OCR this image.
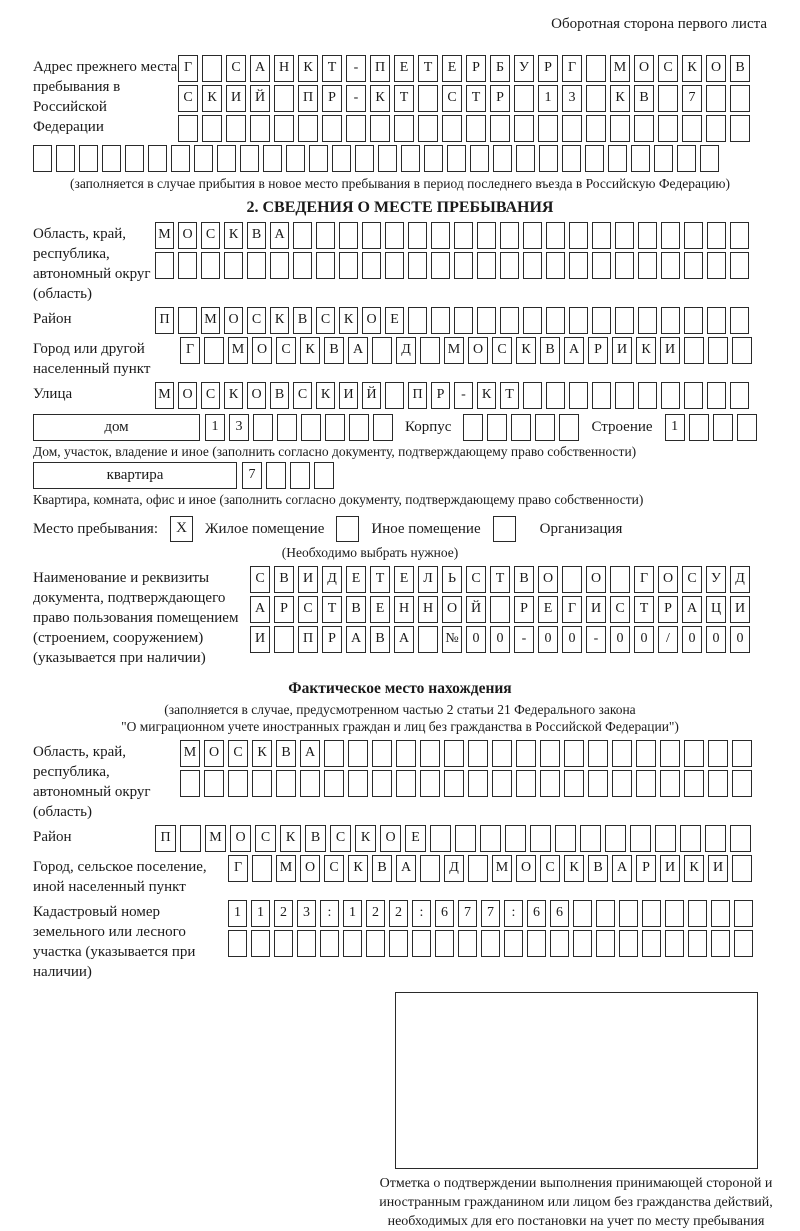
Оборотная сторона первого листа
Адрес прежнего места пребывания в Российской Федерации
Г	С	А Н	К	Т	-	П	Е	Т	Е	Р	Б	У	Р	Г	М О	С	К	О	В
С	К	И Й	П	Р	-	К	Т	С	Т	Р	1	3	К	В	7
(заполняется в случае прибытия в новое место пребывания в период последнего въезда в Российскую Федерацию)
2. СВЕДЕНИЯ О МЕСТЕ ПРЕБЫВАНИЯ
Область, край, республика, автономный округ (область)
М О С К В А
Район	П	М О С К В С К О Е
Город или другой населенный пункт
Г	М О	С	К	В	А	Д	М О	С	К	В	А	Р	И	К	И
Улица	М О С К О В С К И Й	П	Р	-	К	Т
дом	1	3	Корпус	Строение	1
Дом, участок, владение и иное (заполнить согласно документу, подтверждающему право собственности)
квартира	7
Квартира, комната, офис и иное (заполнить согласно документу, подтверждающему право собственности)
Место пребывания:	X	Жилое помещение	Иное помещение	Организация
(Необходимо выбрать нужное)
Наименование и реквизиты документа, подтверждающего право пользования помещением (строением, сооружением) (указывается при наличии)
С	В	И	Д	Е	Т	Е	Л	Ь	С	Т	В	О	О	Г	О	С	У	Д
А	Р	С	Т	В	Е	Н Н О Й	Р	Е	Г	И	С	Т	Р	А Ц И
И	П	Р	А	В	А	№ 0	0	-	0	0	-	0	0	/	0	0	0
Фактическое место нахождения
(заполняется в случае, предусмотренном частью 2 статьи 21 Федерального закона
"О миграционном учете иностранных граждан и лиц без гражданства в Российской Федерации")
Область, край, республика, автономный округ (область)
М О	С	К	В	А
Район	П	М О	С	К	В	С	К	О	Е
Город, сельское поселение, иной населенный пункт
Г	М О	С	К	В	А	Д	М О	С	К	В	А	Р	И	К	И
Кадастровый номер земельного или лесного участка (указывается при наличии)
1	1	2	3	:	1	2	2	:	6	7	7	:	6	6
Отметка о подтверждении выполнения принимающей стороной и иностранным гражданином или лицом без гражданства действий, необходимых для его постановки на учет по месту пребывания
